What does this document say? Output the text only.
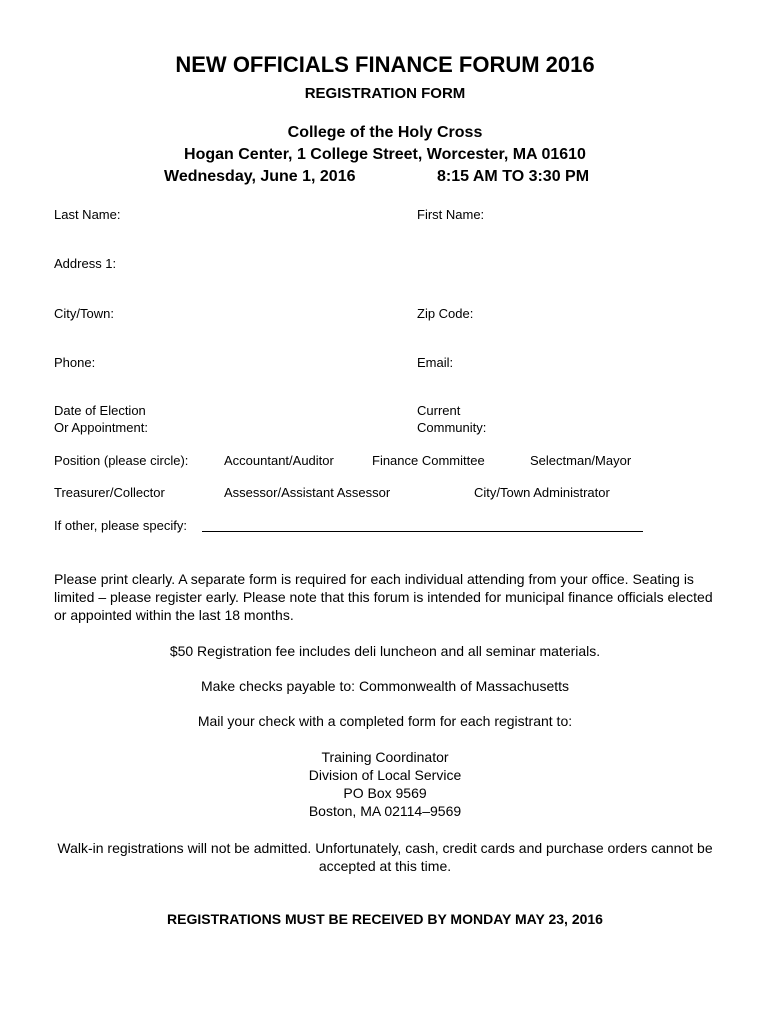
NEW OFFICIALS FINANCE FORUM 2016
REGISTRATION FORM
College of the Holy Cross
Hogan Center, 1 College Street, Worcester, MA 01610
Wednesday, June 1, 2016	8:15 AM TO 3:30 PM
Last Name:	First Name:
Address 1:
City/Town:	Zip Code:
Phone:	Email:
Date of Election
Or Appointment:
Current
Community:
Position (please circle):	Accountant/Auditor	Finance Committee	Selectman/Mayor
Treasurer/Collector	Assessor/Assistant Assessor	City/Town Administrator
If other, please specify:
Please print clearly. A separate form is required for each individual attending from your office. Seating is limited – please register early. Please note that this forum is intended for municipal finance officials elected or appointed within the last 18 months.
$50 Registration fee includes deli luncheon and all seminar materials.
Make checks payable to: Commonwealth of Massachusetts
Mail your check with a completed form for each registrant to:
Training Coordinator
Division of Local Service
PO Box 9569
Boston, MA 02114–9569
Walk-in registrations will not be admitted. Unfortunately, cash, credit cards and purchase orders cannot be accepted at this time.
REGISTRATIONS MUST BE RECEIVED BY MONDAY MAY 23, 2016
